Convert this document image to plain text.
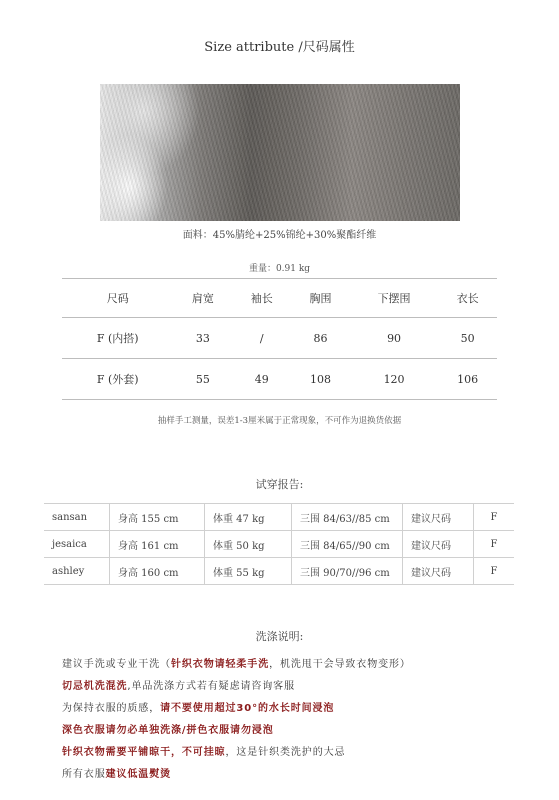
Size attribute /尺码属性
面料：45%腈纶+25%锦纶+30%聚酯纤维
重量：0.91 kg
尺码	肩宽	袖长	胸围	下摆围	衣长
F (内搭)	33	/	86	90	50
F (外套)	55	49	108	120	106
抽样手工测量，误差1-3厘米属于正常现象，不可作为退换货依据
试穿报告:
sansan	身高 155 cm	体重 47 kg	三围 84/63//85 cm	建议尺码	F
jesaica	身高 161 cm	体重 50 kg	三围 84/65//90 cm	建议尺码	F
ashley	身高 160 cm	体重 55 kg	三围 90/70//96 cm	建议尺码	F
洗涤说明:
建议手洗或专业干洗（针织衣物请轻柔手洗，机洗甩干会导致衣物变形）
切忌机洗混洗,单品洗涤方式若有疑虑请咨询客服
为保持衣服的质感，请不要使用超过30°的水长时间浸泡
深色衣服请勿必单独洗涤/拼色衣服请勿浸泡
针织衣物需要平铺晾干，不可挂晾，这是针织类洗护的大忌
所有衣服建议低温熨烫
